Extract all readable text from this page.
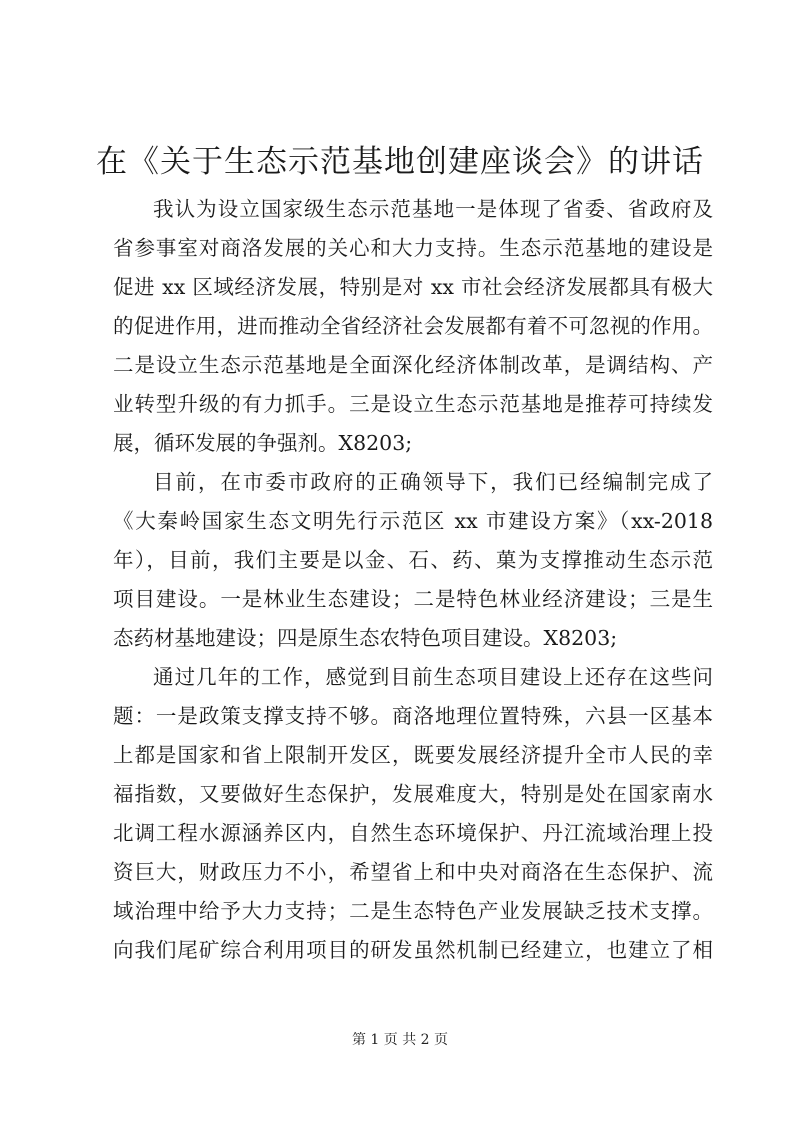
在《关于生态示范基地创建座谈会》的讲话

我认为设立国家级生态示范基地一是体现了省委、省政府及

省参事室对商洛发展的关心和大力支持。生态示范基地的建设是

促进 xx 区域经济发展，特别是对 xx 市社会经济发展都具有极大

的促进作用，进而推动全省经济社会发展都有着不可忽视的作用。

二是设立生态示范基地是全面深化经济体制改革，是调结构、产

业转型升级的有力抓手。三是设立生态示范基地是推荐可持续发

展，循环发展的争强剂。X8203;

目前，在市委市政府的正确领导下，我们已经编制完成了

《大秦岭国家生态文明先行示范区 xx 市建设方案》（xx-2018

年），目前，我们主要是以金、石、药、菓为支撑推动生态示范

项目建设。一是林业生态建设；二是特色林业经济建设；三是生

态药材基地建设；四是原生态农特色项目建设。X8203;

通过几年的工作，感觉到目前生态项目建设上还存在这些问

题：一是政策支撑支持不够。商洛地理位置特殊，六县一区基本

上都是国家和省上限制开发区，既要发展经济提升全市人民的幸

福指数，又要做好生态保护，发展难度大，特别是处在国家南水

北调工程水源涵养区内，自然生态环境保护、丹江流域治理上投

资巨大，财政压力不小，希望省上和中央对商洛在生态保护、流

域治理中给予大力支持；二是生态特色产业发展缺乏技术支撑。

向我们尾矿综合利用项目的研发虽然机制已经建立，也建立了相

第 1 页 共 2 页
